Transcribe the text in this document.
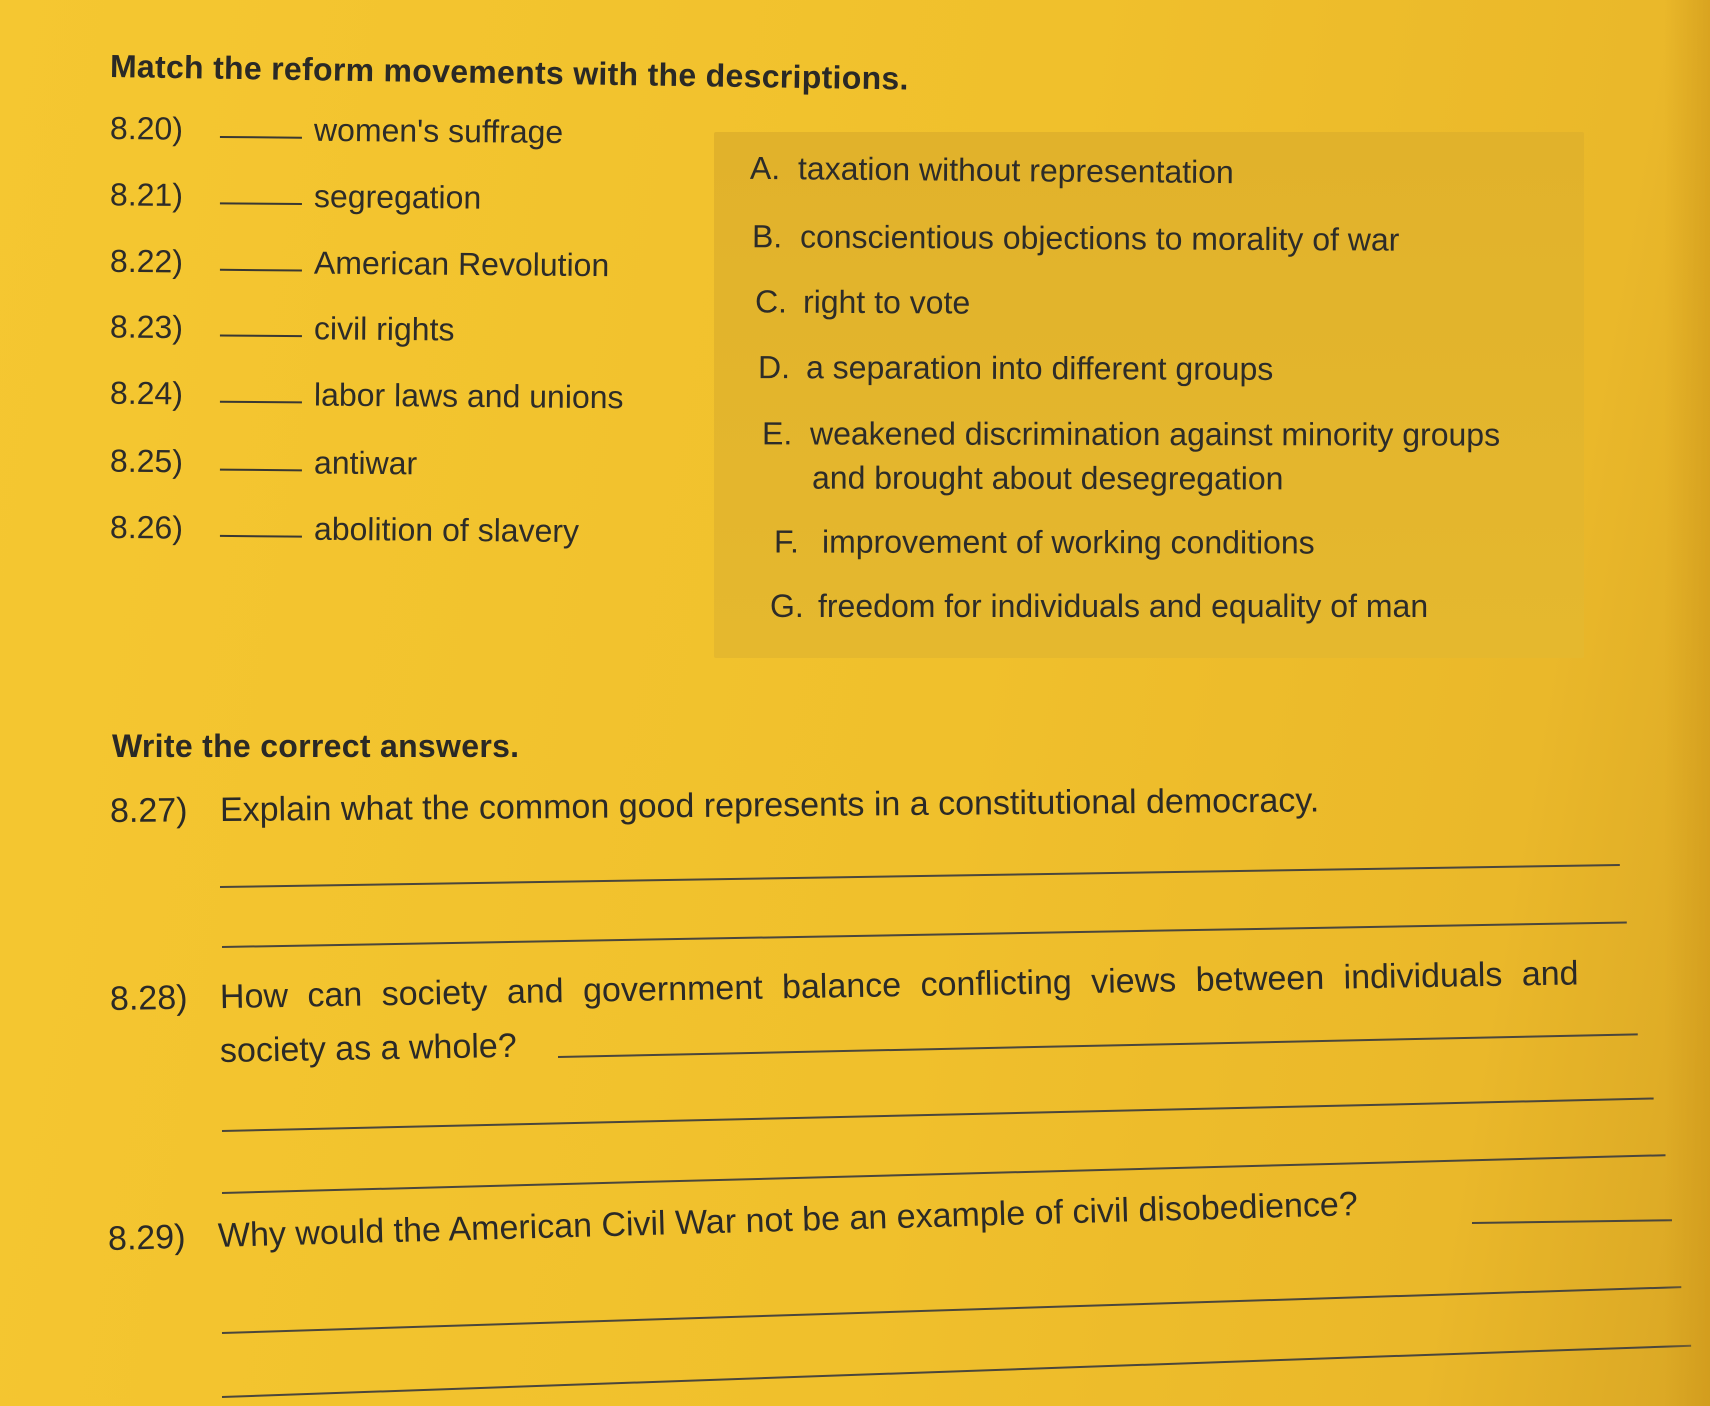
Match the reform movements with the descriptions.
8.20)	women's suffrage
8.21)	segregation
8.22)	American Revolution
8.23)	civil rights
8.24)	labor laws and unions
8.25)	antiwar
8.26)	abolition of slavery
A. taxation without representation
B. conscientious objections to morality of war
C. right to vote
D. a separation into different groups
E. weakened discrimination against minority groups
and brought about desegregation
F. improvement of working conditions
G. freedom for individuals and equality of man
Write the correct answers.
8.27) Explain what the common good represents in a constitutional democracy.
8.28) How can society and government balance conflicting views between individuals and
society as a whole?
8.29) Why would the American Civil War not be an example of civil disobedience?
